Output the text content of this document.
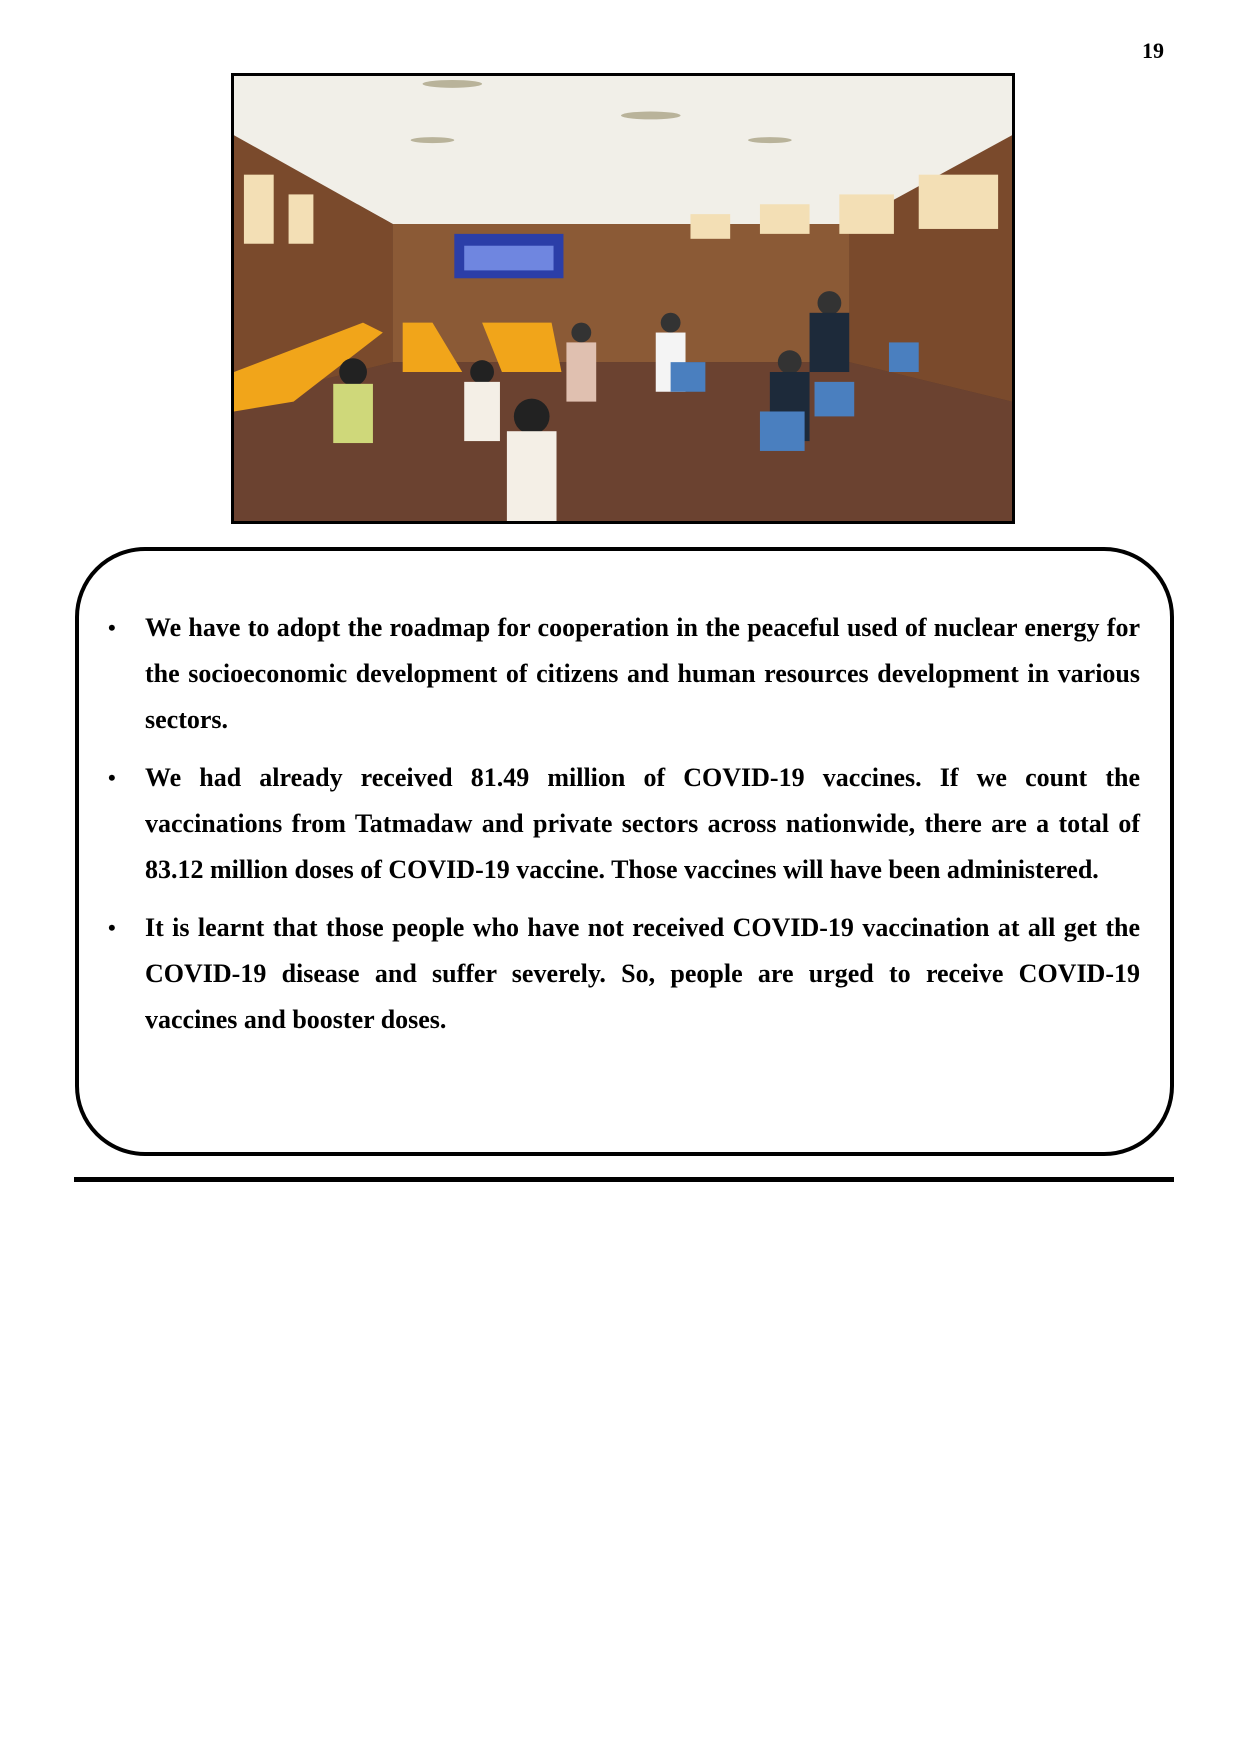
19
• We have to adopt the roadmap for cooperation in the peaceful used of nuclear energy for the socioeconomic development of citizens and human resources development in various sectors.
• We had already received 81.49 million of COVID-19 vaccines. If we count the vaccinations from Tatmadaw and private sectors across nationwide, there are a total of 83.12 million doses of COVID-19 vaccine. Those vaccines will have been administered.
• It is learnt that those people who have not received COVID-19 vaccination at all get the COVID-19 disease and suffer severely. So, people are urged to receive COVID-19 vaccines and booster doses.
